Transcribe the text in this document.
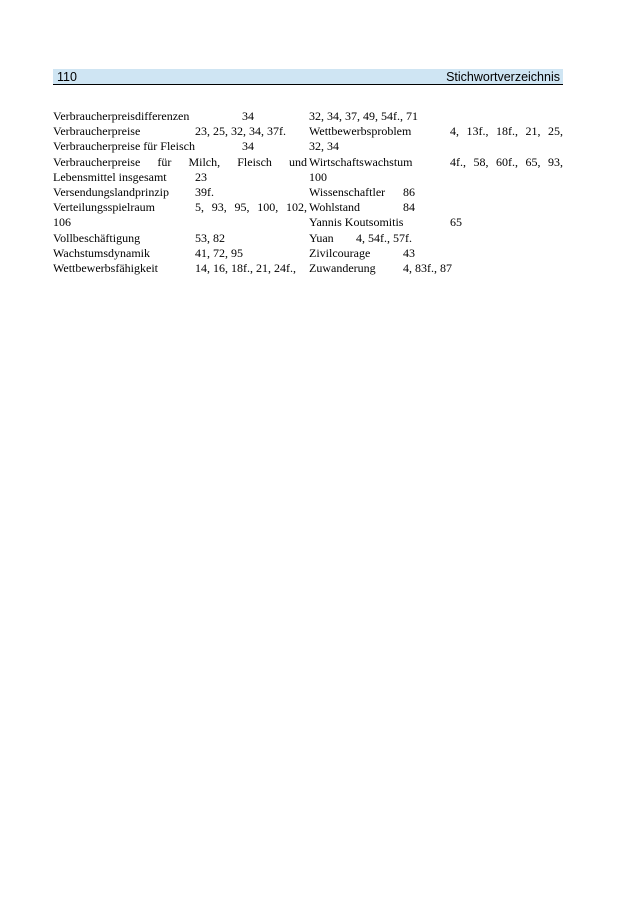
110	Stichwortverzeichnis
Verbraucherpreisdifferenzen	34
Verbraucherpreise	23, 25, 32, 34, 37f.
Verbraucherpreise für Fleisch	34
Verbraucherpreise für Milch, Fleisch und
Lebensmittel insgesamt 23
Versendungslandprinzip 39f.
Verteilungsspielraum	5, 93, 95, 100, 102,
106
Vollbeschäftigung	53, 82
Wachstumsdynamik	41, 72, 95
Wettbewerbsfähigkeit	14, 16, 18f., 21, 24f.,
32, 34, 37, 49, 54f., 71
Wettbewerbsproblem	4, 13f., 18f., 21, 25,
32, 34
Wirtschaftswachstum	4f., 58, 60f., 65, 93,
100
Wissenschaftler 86
Wohlstand	84
Yannis Koutsomitis	65
Yuan 4, 54f., 57f.
Zivilcourage	43
Zuwanderung 4, 83f., 87
